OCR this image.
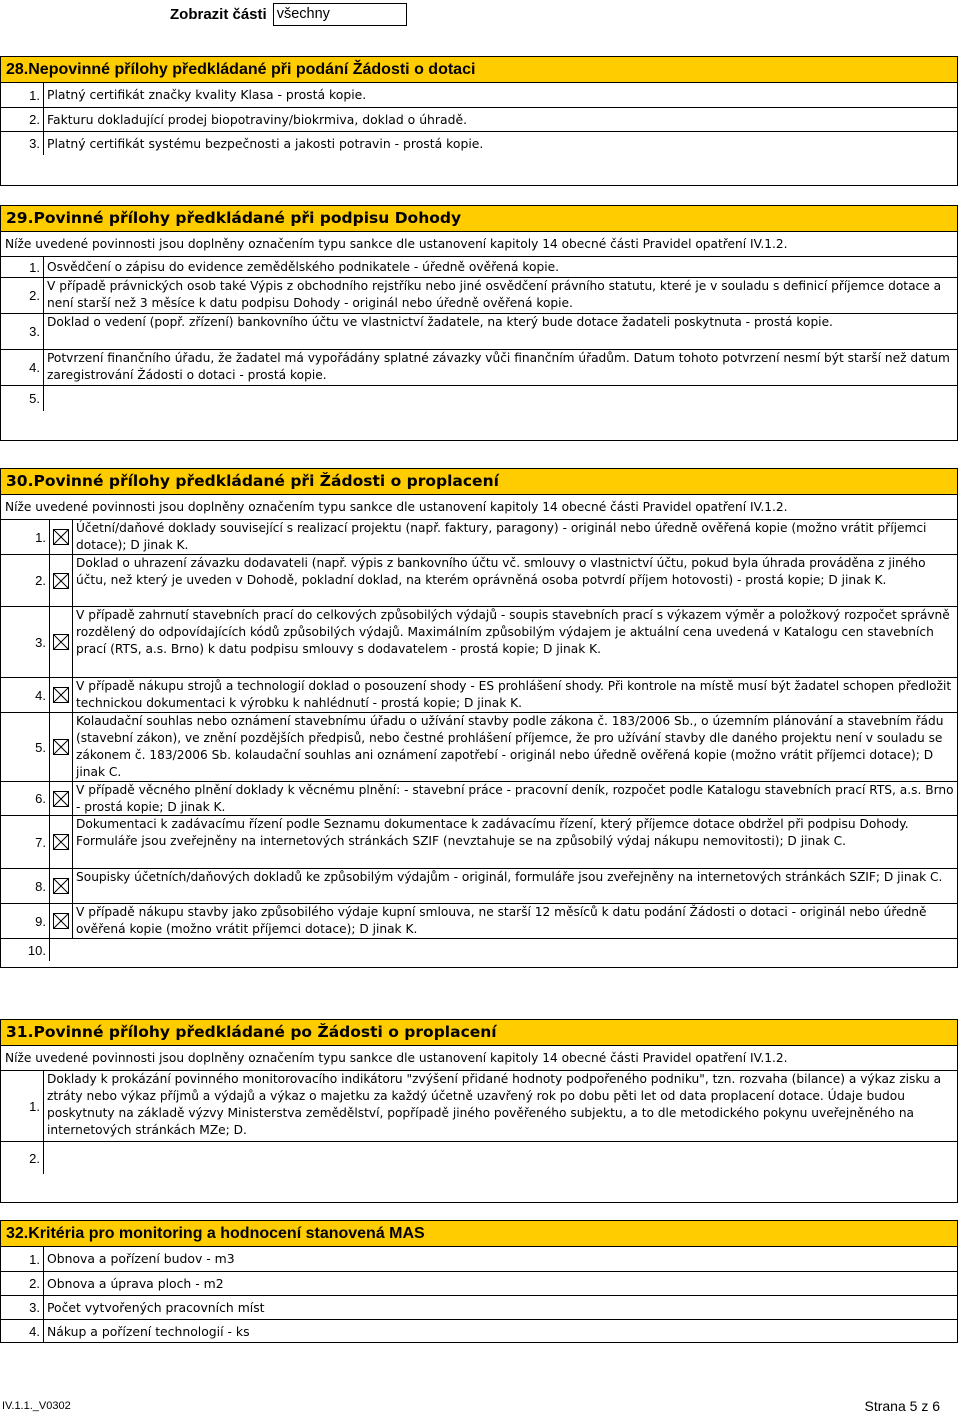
Zobrazit části všechny
28.Nepovinné přílohy předkládané při podání Žádosti o dotaci
1. Platný certifikát značky kvality Klasa - prostá kopie.
2. Fakturu dokladující prodej biopotraviny/biokrmiva, doklad o úhradě.
3. Platný certifikát systému bezpečnosti a jakosti potravin - prostá kopie.
29.Povinné přílohy předkládané při podpisu Dohody
Níže uvedené povinnosti jsou doplněny označením typu sankce dle ustanovení kapitoly 14 obecné části Pravidel opatření IV.1.2.
1. Osvědčení o zápisu do evidence zemědělského podnikatele - úředně ověřená kopie.
2.
V případě právnických osob také Výpis z obchodního rejstříku nebo jiné osvědčení právního statutu, které je v souladu s definicí příjemce dotace a není starší než 3 měsíce k datu podpisu Dohody - originál nebo úředně ověřená kopie.
3.
Doklad o vedení (popř. zřízení) bankovního účtu ve vlastnictví žadatele, na který bude dotace žadateli poskytnuta - prostá kopie.
4.
Potvrzení finančního úřadu, že žadatel má vypořádány splatné závazky vůči finančním úřadům. Datum tohoto potvrzení nesmí být starší než datum zaregistrování Žádosti o dotaci - prostá kopie.
5.
30.Povinné přílohy předkládané při Žádosti o proplacení
Níže uvedené povinnosti jsou doplněny označením typu sankce dle ustanovení kapitoly 14 obecné části Pravidel opatření IV.1.2.
1.
Účetní/daňové doklady související s realizací projektu (např. faktury, paragony) - originál nebo úředně ověřená kopie (možno vrátit příjemci dotace); D jinak K.
2.
Doklad o uhrazení závazku dodavateli (např. výpis z bankovního účtu vč. smlouvy o vlastnictví účtu, pokud byla úhrada prováděna z jiného účtu, než který je uveden v Dohodě, pokladní doklad, na kterém oprávněná osoba potvrdí příjem hotovosti) - prostá kopie; D jinak K.
3.
V případě zahrnutí stavebních prací do celkových způsobilých výdajů - soupis stavebních prací s výkazem výměr a položkový rozpočet správně rozdělený do odpovídajících kódů způsobilých výdajů. Maximálním způsobilým výdajem je aktuální cena uvedená v Katalogu cen stavebních prací (RTS, a.s. Brno) k datu podpisu smlouvy s dodavatelem - prostá kopie; D jinak K.
4.
V případě nákupu strojů a technologií doklad o posouzení shody - ES prohlášení shody. Při kontrole na místě musí být žadatel schopen předložit technickou dokumentaci k výrobku k nahlédnutí - prostá kopie; D jinak K.
5.
Kolaudační souhlas nebo oznámení stavebnímu úřadu o užívání stavby podle zákona č. 183/2006 Sb., o územním plánování a stavebním řádu (stavební zákon), ve znění pozdějších předpisů, nebo čestné prohlášení příjemce, že pro užívání stavby dle daného projektu není v souladu se zákonem č. 183/2006 Sb. kolaudační souhlas ani oznámení zapotřebí - originál nebo úředně ověřená kopie (možno vrátit příjemci dotace); D jinak C.
6.
V případě věcného plnění doklady k věcnému plnění: - stavební práce - pracovní deník, rozpočet podle Katalogu stavebních prací RTS, a.s. Brno - prostá kopie; D jinak K.
7.
Dokumentaci k zadávacímu řízení podle Seznamu dokumentace k zadávacímu řízení, který příjemce dotace obdržel při podpisu Dohody. Formuláře jsou zveřejněny na internetových stránkách SZIF (nevztahuje se na způsobilý výdaj nákupu nemovitosti); D jinak C.
8.
Soupisky účetních/daňových dokladů ke způsobilým výdajům - originál, formuláře jsou zveřejněny na internetových stránkách SZIF; D jinak C.
9.
V případě nákupu stavby jako způsobilého výdaje kupní smlouva, ne starší 12 měsíců k datu podání Žádosti o dotaci - originál nebo úředně ověřená kopie (možno vrátit příjemci dotace); D jinak K.
10.
31.Povinné přílohy předkládané po Žádosti o proplacení
Níže uvedené povinnosti jsou doplněny označením typu sankce dle ustanovení kapitoly 14 obecné části Pravidel opatření IV.1.2.
1.
Doklady k prokázání povinného monitorovacího indikátoru "zvýšení přidané hodnoty podpořeného podniku", tzn. rozvaha (bilance) a výkaz zisku a ztráty nebo výkaz příjmů a výdajů a výkaz o majetku za každý účetně uzavřený rok po dobu pěti let od data proplacení dotace. Údaje budou poskytnuty na základě výzvy Ministerstva zemědělství, popřípadě jiného pověřeného subjektu, a to dle metodického pokynu uveřejněného na internetových stránkách MZe; D.
2.
32.Kritéria pro monitoring a hodnocení stanovená MAS
1. Obnova a pořízení budov - m3
2. Obnova a úprava ploch - m2
3. Počet vytvořených pracovních míst
4. Nákup a pořízení technologií - ks
IV.1.1._V0302	Strana 5 z 6
